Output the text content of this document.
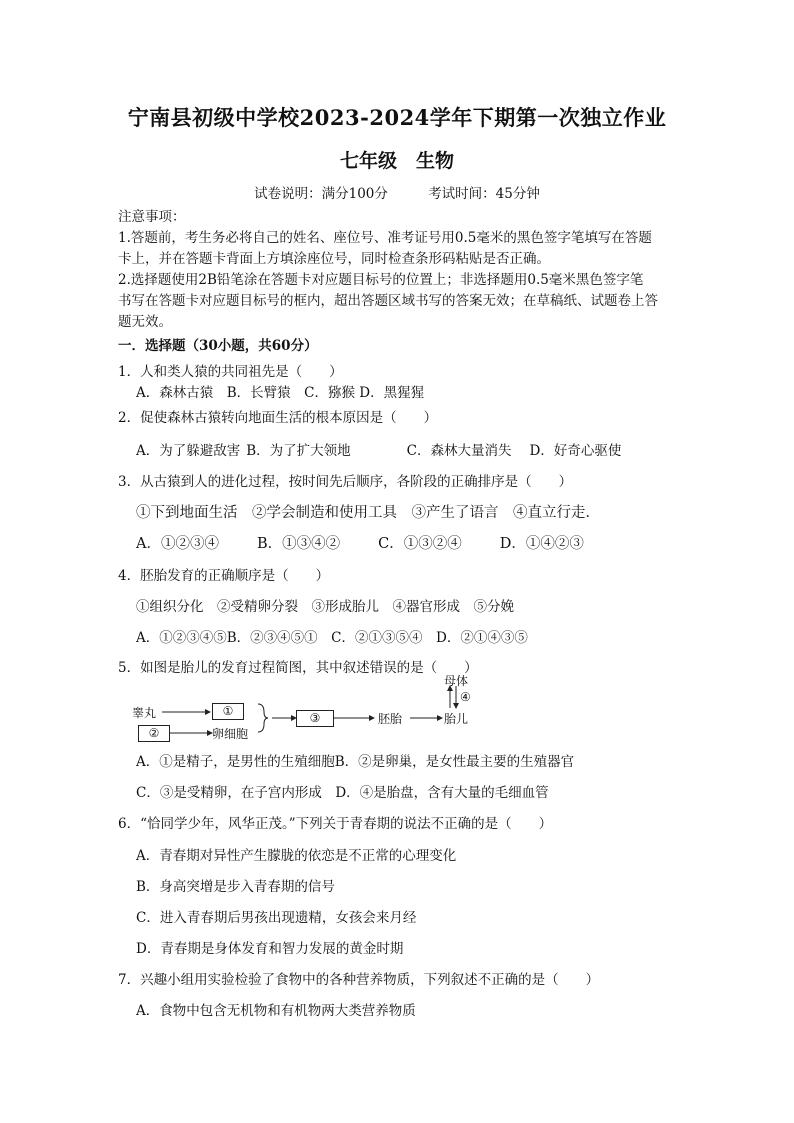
宁南县初级中学校2023-2024学年下期第一次独立作业
七年级　生物
试卷说明：满分100分	考试时间：45分钟
注意事项：
1.答题前，考生务必将自己的姓名、座位号、准考证号用0.5毫米的黑色签字笔填写在答题
卡上，并在答题卡背面上方填涂座位号，同时检查条形码粘贴是否正确。
2.选择题使用2B铅笔涂在答题卡对应题目标号的位置上；非选择题用0.5毫米黑色签字笔
书写在答题卡对应题目标号的框内，超出答题区域书写的答案无效；在草稿纸、试题卷上答
题无效。
一．选择题（30小题，共60分）
1．人和类人猿的共同祖先是（　　）
A．森林古猿　B．长臂猿　C．猕猴 D．黑猩猩
2．促使森林古猿转向地面生活的根本原因是（　　）
A．为了躲避敌害 B．为了扩大领地	C．森林大量消失 D．好奇心驱使
3．从古猿到人的进化过程，按时间先后顺序，各阶段的正确排序是（　　）
①下到地面生活　②学会制造和使用工具　③产生了语言　④直立行走．
A．①②③④	B．①③④②	C．①③②④	D．①④②③
4．胚胎发育的正确顺序是（　　）
①组织分化　②受精卵分裂　③形成胎儿　④器官形成　⑤分娩
A．①②③④⑤B．②③④⑤①　C．②①③⑤④　D．②①④③⑤
5．如图是胎儿的发育过程简图，其中叙述错误的是（　　）
睾丸	①
②	卵细胞
③	胚胎	胎儿
母体
④
A．①是精子，是男性的生殖细胞B．②是卵巢，是女性最主要的生殖器官
C．③是受精卵，在子宫内形成　D．④是胎盘，含有大量的毛细血管
6．“恰同学少年，风华正茂。”下列关于青春期的说法不正确的是（　　）
A．青春期对异性产生朦胧的依恋是不正常的心理变化
B．身高突增是步入青春期的信号
C．进入青春期后男孩出现遗精，女孩会来月经
D．青春期是身体发育和智力发展的黄金时期
7．兴趣小组用实验检验了食物中的各种营养物质，下列叙述不正确的是（　　）
A．食物中包含无机物和有机物两大类营养物质
